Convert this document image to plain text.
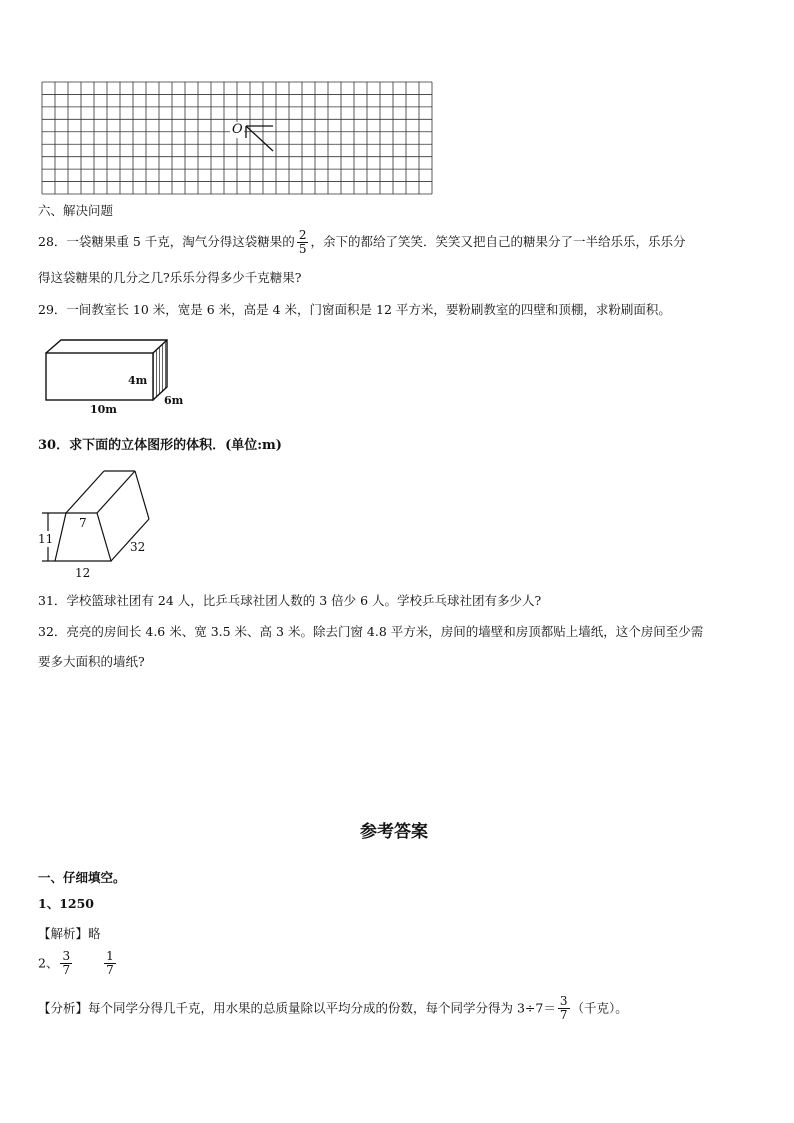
O
六、解决问题
28．一袋糖果重 5 千克，淘气分得这袋糖果的 $\frac{2}{5}$ ，余下的都给了笑笑．笑笑又把自己的糖果分了一半给乐乐，乐乐分
得这袋糖果的几分之几?乐乐分得多少千克糖果?
29．一间教室长 10 米，宽是 6 米，高是 4 米，门窗面积是 12 平方米，要粉刷教室的四壁和顶棚，求粉刷面积。
4m
10m
6m
30．求下面的立体图形的体积．(单位:m)
7
11
12
32
31．学校篮球社团有 24 人，比乒乓球社团人数的 3 倍少 6 人。学校乒乓球社团有多少人?
32．亮亮的房间长 4.6 米、宽 3.5 米、高 3 米。除去门窗 4.8 平方米，房间的墙壁和房顶都贴上墙纸，这个房间至少需
要多大面积的墙纸?
参考答案
一、仔细填空。
1、1250
【解析】略
2、 $\frac{3}{7}$	$\frac{1}{7}$
【分析】每个同学分得几千克，用水果的总质量除以平均分成的份数，每个同学分得为 $3\div 7= \frac{3}{7}$ （千克）。
